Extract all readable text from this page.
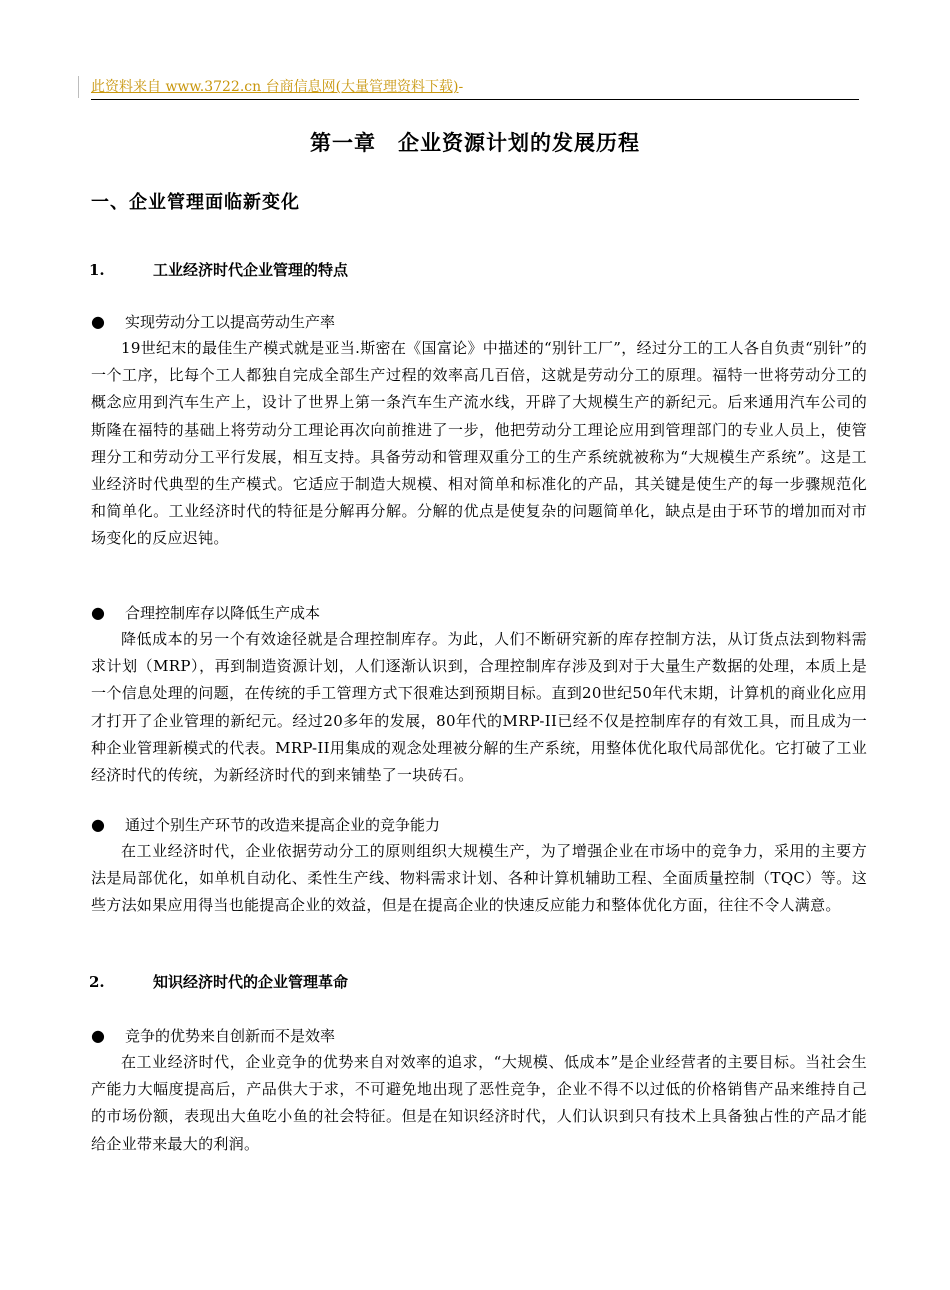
此资料来自 www.3722.cn 台商信息网(大量管理资料下载)-
第一章　企业资源计划的发展历程
一、企业管理面临新变化
1.	工业经济时代企业管理的特点
● 实现劳动分工以提高劳动生产率
19世纪末的最佳生产模式就是亚当.斯密在《国富论》中描述的“别针工厂”，经过分工的工人各自负责“别针”的一个工序，比每个工人都独自完成全部生产过程的效率高几百倍，这就是劳动分工的原理。福特一世将劳动分工的概念应用到汽车生产上，设计了世界上第一条汽车生产流水线，开辟了大规模生产的新纪元。后来通用汽车公司的斯隆在福特的基础上将劳动分工理论再次向前推进了一步，他把劳动分工理论应用到管理部门的专业人员上，使管理分工和劳动分工平行发展，相互支持。具备劳动和管理双重分工的生产系统就被称为“大规模生产系统”。这是工业经济时代典型的生产模式。它适应于制造大规模、相对简单和标准化的产品，其关键是使生产的每一步骤规范化和简单化。工业经济时代的特征是分解再分解。分解的优点是使复杂的问题简单化，缺点是由于环节的增加而对市场变化的反应迟钝。
● 合理控制库存以降低生产成本
降低成本的另一个有效途径就是合理控制库存。为此，人们不断研究新的库存控制方法，从订货点法到物料需求计划（MRP），再到制造资源计划，人们逐渐认识到，合理控制库存涉及到对于大量生产数据的处理，本质上是一个信息处理的问题，在传统的手工管理方式下很难达到预期目标。直到20世纪50年代末期，计算机的商业化应用才打开了企业管理的新纪元。经过20多年的发展，80年代的MRP-II已经不仅是控制库存的有效工具，而且成为一种企业管理新模式的代表。MRP-II用集成的观念处理被分解的生产系统，用整体优化取代局部优化。它打破了工业经济时代的传统，为新经济时代的到来铺垫了一块砖石。
● 通过个别生产环节的改造来提高企业的竞争能力
在工业经济时代，企业依据劳动分工的原则组织大规模生产，为了增强企业在市场中的竞争力，采用的主要方法是局部优化，如单机自动化、柔性生产线、物料需求计划、各种计算机辅助工程、全面质量控制（TQC）等。这些方法如果应用得当也能提高企业的效益，但是在提高企业的快速反应能力和整体优化方面，往往不令人满意。
2.	知识经济时代的企业管理革命
● 竞争的优势来自创新而不是效率
在工业经济时代，企业竞争的优势来自对效率的追求，“大规模、低成本”是企业经营者的主要目标。当社会生产能力大幅度提高后，产品供大于求，不可避免地出现了恶性竞争，企业不得不以过低的价格销售产品来维持自己的市场份额，表现出大鱼吃小鱼的社会特征。但是在知识经济时代，人们认识到只有技术上具备独占性的产品才能给企业带来最大的利润。
